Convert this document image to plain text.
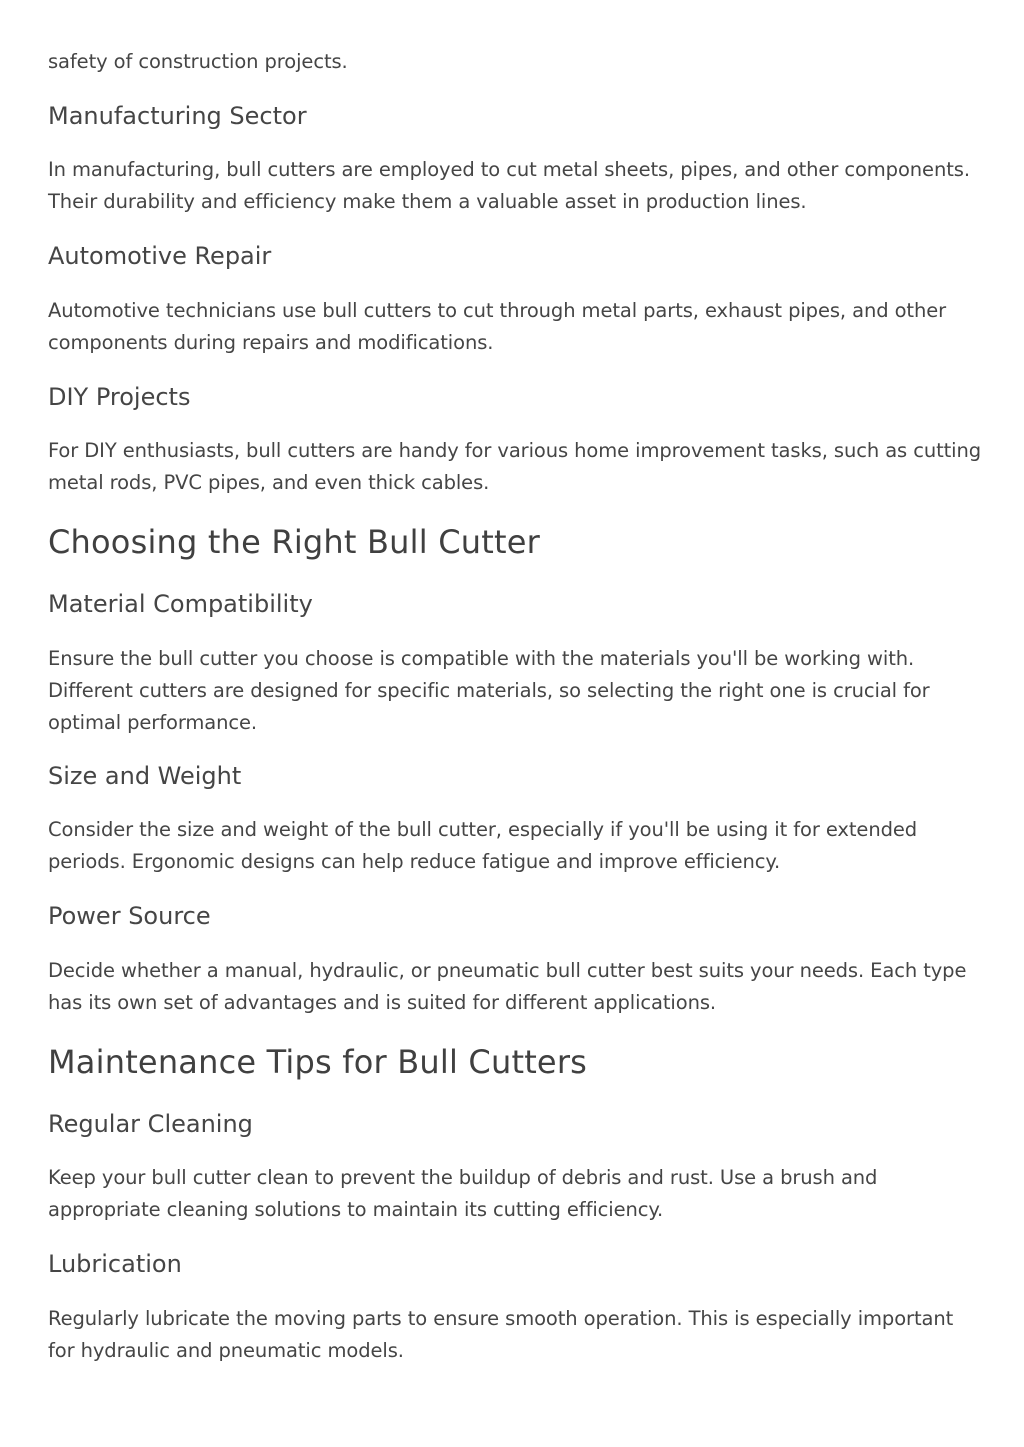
safety of construction projects.

Manufacturing Sector

In manufacturing, bull cutters are employed to cut metal sheets, pipes, and other components. Their durability and efficiency make them a valuable asset in production lines.

Automotive Repair

Automotive technicians use bull cutters to cut through metal parts, exhaust pipes, and other components during repairs and modifications.

DIY Projects

For DIY enthusiasts, bull cutters are handy for various home improvement tasks, such as cutting metal rods, PVC pipes, and even thick cables.

Choosing the Right Bull Cutter
Material Compatibility

Ensure the bull cutter you choose is compatible with the materials you'll be working with. Different cutters are designed for specific materials, so selecting the right one is crucial for optimal performance.

Size and Weight

Consider the size and weight of the bull cutter, especially if you'll be using it for extended periods. Ergonomic designs can help reduce fatigue and improve efficiency.

Power Source

Decide whether a manual, hydraulic, or pneumatic bull cutter best suits your needs. Each type has its own set of advantages and is suited for different applications.

Maintenance Tips for Bull Cutters
Regular Cleaning

Keep your bull cutter clean to prevent the buildup of debris and rust. Use a brush and appropriate cleaning solutions to maintain its cutting efficiency.

Lubrication

Regularly lubricate the moving parts to ensure smooth operation. This is especially important for hydraulic and pneumatic models.
